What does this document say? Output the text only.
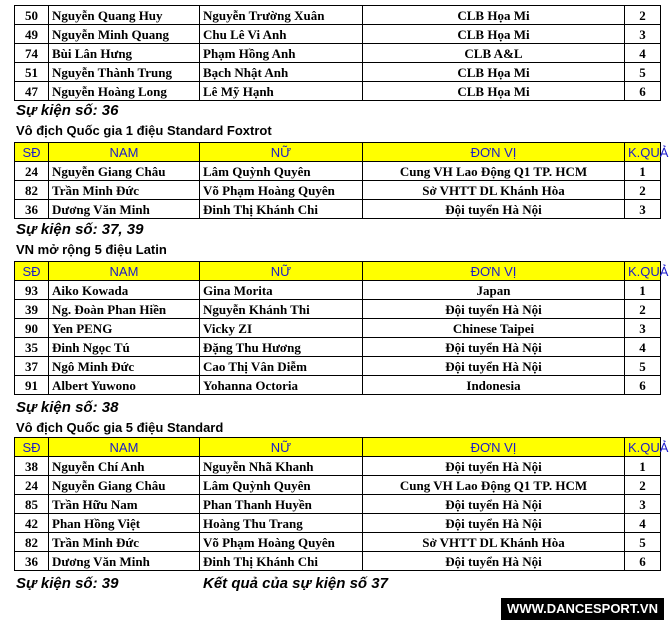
50	Nguyễn Quang Huy	Nguyễn Trường Xuân	CLB Họa Mi	2
49	Nguyễn Minh Quang	Chu Lê Vi Anh	CLB Họa Mi	3
74	Bùi Lân Hưng	Phạm Hồng Anh	CLB A&L	4
51	Nguyễn Thành Trung	Bạch Nhật Anh	CLB Họa Mi	5
47	Nguyễn Hoàng Long	Lê Mỹ Hạnh	CLB Họa Mi	6
Sự kiện số: 36
Vô địch Quốc gia 1 điệu Standard Foxtrot
SĐ	NAM	NỮ	ĐƠN VỊ	K.QUẢ
24	Nguyễn Giang Châu	Lâm Quỳnh Quyên	Cung VH Lao Động Q1 TP. HCM	1
82	Trần Minh Đức	Võ Phạm Hoàng Quyên	Sở VHTT DL Khánh Hòa	2
36	Dương Văn Minh	Đinh Thị Khánh Chi	Đội tuyển Hà Nội	3
Sự kiện số: 37, 39
VN mở rộng 5 điệu Latin
SĐ	NAM	NỮ	ĐƠN VỊ	K.QUẢ
93	Aiko Kowada	Gina Morita	Japan	1
39	Ng. Đoàn Phan Hiền	Nguyễn Khánh Thi	Đội tuyển Hà Nội	2
90	Yen PENG	Vicky ZI	Chinese Taipei	3
35	Đinh Ngọc Tú	Đặng Thu Hương	Đội tuyển Hà Nội	4
37	Ngô Minh Đức	Cao Thị Vân Diễm	Đội tuyển Hà Nội	5
91	Albert Yuwono	Yohanna Octoria	Indonesia	6
Sự kiện số: 38
Vô địch Quốc gia 5 điệu Standard
SĐ	NAM	NỮ	ĐƠN VỊ	K.QUẢ
38	Nguyễn Chí Anh	Nguyễn Nhã Khanh	Đội tuyển Hà Nội	1
24	Nguyễn Giang Châu	Lâm Quỳnh Quyên	Cung VH Lao Động Q1 TP. HCM	2
85	Trần Hữu Nam	Phan Thanh Huyền	Đội tuyển Hà Nội	3
42	Phan Hồng Việt	Hoàng Thu Trang	Đội tuyển Hà Nội	4
82	Trần Minh Đức	Võ Phạm Hoàng Quyên	Sở VHTT DL Khánh Hòa	5
36	Dương Văn Minh	Đinh Thị Khánh Chi	Đội tuyển Hà Nội	6
Sự kiện số: 39	Kết quả của sự kiện số 37
WWW.DANCESPORT.VN
